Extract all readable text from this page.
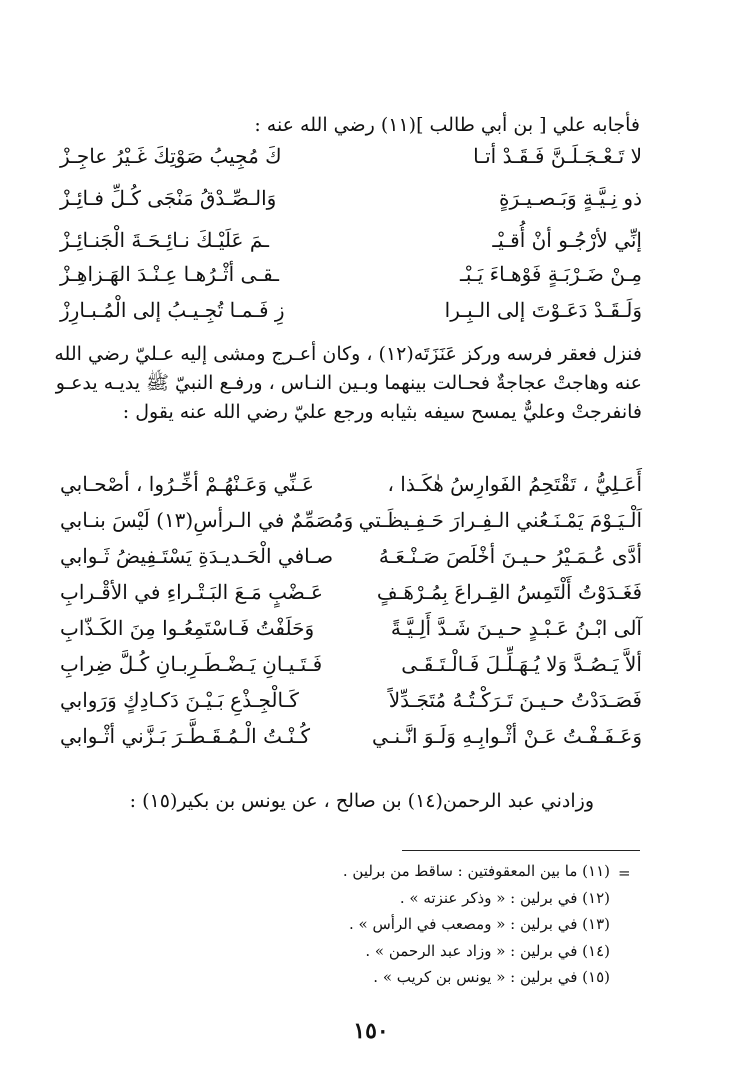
فأجابه علي [ بن أبي طالب ](١١) رضي الله عنه :
لا تَـعْـجَـلَـنَّ فَـقَـدْ أتـا
كَ مُجِيبُ صَوْتِكَ غَـيْرُ عاجِـزْ
ذو نِـيَّـةٍ وَبَـصـيـرَةٍ
وَالـصِّـدْقُ مَنْجَى كُـلِّ فـائِـزْ
إنِّي لأرْجُـو أنْ أُقـيْـ
ـمَ عَلَيْـكَ نـائِـحَـةَ الْجَنـائِـزْ
مِـنْ ضَـرْبَـةٍ فَوْهـاءَ يَـبْـ
ـقـى أثْـرُهـا عِـنْـدَ الهَـزاهِـزْ
وَلَـقَـدْ دَعَـوْتَ إلى الـبِـرا
زِ فَـمـا تُجِـيـبُ إلى الْمُـبـارِزْ

فنزل فعقر فرسه وركز عَنَزَتَه(١٢) ، وكان أعـرج ومشى إليه عـليّ رضي الله

عنه وهاجتْ عجاجةٌ فحـالت بينهما وبـين النـاس ، ورفـع النبيّ ﷺ يديـه يدعـو

فانفرجتْ وعليٌّ يمسح سيفه بثيابه ورجع عليّ رضي الله عنه يقول :

أَعَـلِيُّ ، تَقْتَحِمُ الفَوارِسُ هٰكَـذا ،
عَـنِّي وَعَـنْهُـمْ أخِّـرُوا ، أصْحـابي
اَلْـيَـوْمَ يَمْـنَـعُني الـفِـرارَ حَـفِـيظَـتي
وَمُصَمِّمٌ في الـرأسِ(١٣) لَيْسَ بنـابي
أدَّى عُـمَـيْرُ حـيـنَ أخْلَصَ صَـنْـعَـهُ
صـافي الْحَـديـدَةِ يَسْتَـفِيضُ ثَـوابي
فَغَـدَوْتُ أَلْتَمِسُ القِـراعَ بِمُـرْهَـفٍ
عَـضْبٍ مَـعَ البَـتْـراءِ في الأقْـرابِ
آلى ابْـنُ عَـبْـدٍ حـيـنَ شَـدَّ أَلِـيَّـةً
وَحَلَفْتُ فَـاسْتَمِعُـوا مِنَ الكَـذّابِ
ألاَّ يَـصُـدَّ وَلا يُـهَـلِّـلَ فَـالْـتَـقَـى
فَـتَـيـانِ يَـضْـطَـرِبـانِ كُـلَّ ضِرابِ
فَصَـدَدْتُ حـيـنَ تَـرَكْـتُـهُ مُتَجَـدِّلاً
كَـالْجِـذْعِ بَـيْـنَ دَكـادِكٍ وَرَوابي
وَعَـفَـفْـتُ عَـنْ أثْـوابِـهِ وَلَـوَ انَّـنـي
كُـنْـتُ الْـمُـقَـطَّـرَ بَـزَّني أثْـوابي
وزادني عبد الرحمن(١٤) بن صالح ، عن يونس بن بكير(١٥) :
=
(١١) ما بين المعقوفتين : ساقط من برلين .
(١٢) في برلين : « وذكر عنزته » .
(١٣) في برلين : « ومصعب في الرأس » .
(١٤) في برلين : « وزاد عبد الرحمن » .
(١٥) في برلين : « يونس بن كريب » .
١٥٠
